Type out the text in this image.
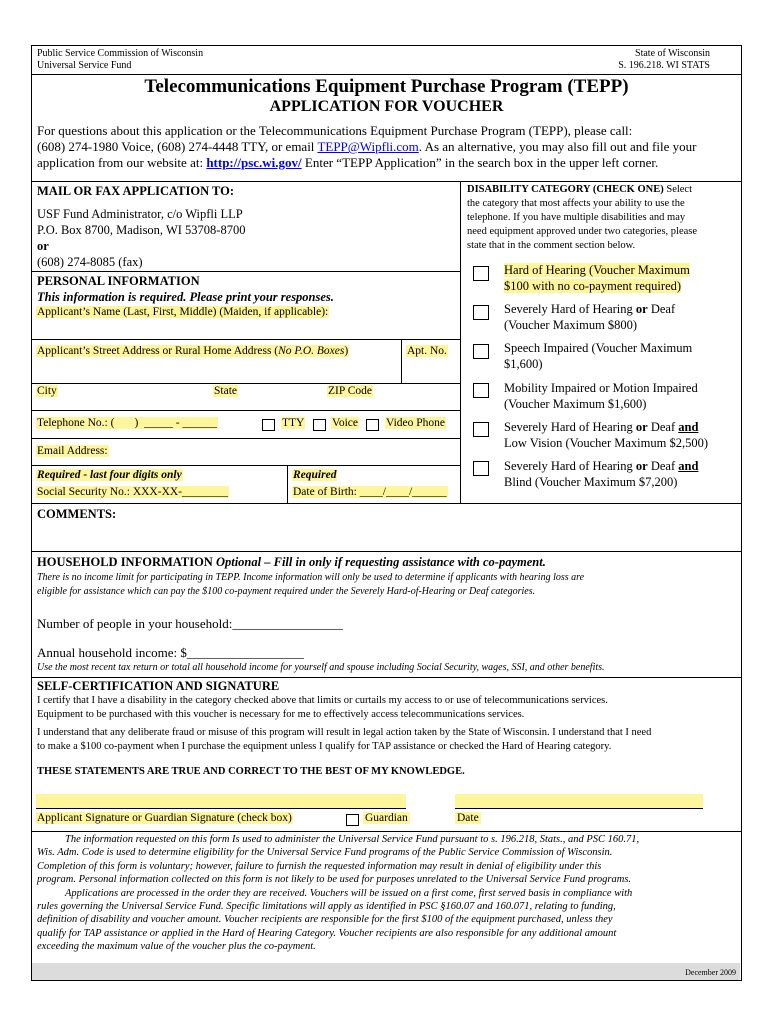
Public Service Commission of Wisconsin
Universal Service Fund
State of Wisconsin
S. 196.218. WI STATS
Telecommunications Equipment Purchase Program (TEPP)
APPLICATION FOR VOUCHER
For questions about this application or the Telecommunications Equipment Purchase Program (TEPP), please call:
(608) 274-1980 Voice, (608) 274-4448 TTY, or email TEPP@Wipfli.com. As an alternative, you may also fill out and file your
application from our website at: http://psc.wi.gov/ Enter “TEPP Application” in the search box in the upper left corner.
MAIL OR FAX APPLICATION TO:
USF Fund Administrator, c/o Wipfli LLP
P.O. Box 8700, Madison, WI 53708-8700
or
(608) 274-8085 (fax)
PERSONAL INFORMATION
This information is required. Please print your responses.
Applicant’s Name (Last, First, Middle) (Maiden, if applicable):
Applicant’s Street Address or Rural Home Address (No P.O. Boxes)	Apt. No.
City	State	ZIP Code
Telephone No.: (       )  _____ - ______	TTY Voice Video Phone
Email Address:
Required - last four digits only
Social Security No.: XXX-XX-________
Required
Date of Birth: ____/____/______
DISABILITY CATEGORY (CHECK ONE) Select
the category that most affects your ability to use the
telephone. If you have multiple disabilities and may
need equipment approved under two categories, please
state that in the comment section below.
Hard of Hearing (Voucher Maximum
$100 with no co-payment required)
Severely Hard of Hearing or Deaf
(Voucher Maximum $800)
Speech Impaired (Voucher Maximum
$1,600)
Mobility Impaired or Motion Impaired
(Voucher Maximum $1,600)
Severely Hard of Hearing or Deaf and
Low Vision (Voucher Maximum $2,500)
Severely Hard of Hearing or Deaf and
Blind (Voucher Maximum $7,200)
COMMENTS:
HOUSEHOLD INFORMATION Optional – Fill in only if requesting assistance with co-payment.
There is no income limit for participating in TEPP. Income information will only be used to determine if applicants with hearing loss are
eligible for assistance which can pay the $100 co-payment required under the Severely Hard-of-Hearing or Deaf categories.
Number of people in your household:_________________
Annual household income: $__________________
Use the most recent tax return or total all household income for yourself and spouse including Social Security, wages, SSI, and other benefits.
SELF-CERTIFICATION AND SIGNATURE
I certify that I have a disability in the category checked above that limits or curtails my access to or use of telecommunications services.
Equipment to be purchased with this voucher is necessary for me to effectively access telecommunications services.
I understand that any deliberate fraud or misuse of this program will result in legal action taken by the State of Wisconsin. I understand that I need
to make a $100 co-payment when I purchase the equipment unless I qualify for TAP assistance or checked the Hard of Hearing category.
THESE STATEMENTS ARE TRUE AND CORRECT TO THE BEST OF MY KNOWLEDGE.
Applicant Signature or Guardian Signature (check box)	Guardian	Date
The information requested on this form Is used to administer the Universal Service Fund pursuant to s. 196.218, Stats., and PSC 160.71,
Wis. Adm. Code is used to determine eligibility for the Universal Service Fund programs of the Public Service Commission of Wisconsin.
Completion of this form is voluntary; however, failure to furnish the requested information may result in denial of eligibility under this
program. Personal information collected on this form is not likely to be used for purposes unrelated to the Universal Service Fund programs.
Applications are processed in the order they are received. Vouchers will be issued on a first come, first served basis in compliance with
rules governing the Universal Service Fund. Specific limitations will apply as identified in PSC §160.07 and 160.071, relating to funding,
definition of disability and voucher amount. Voucher recipients are responsible for the first $100 of the equipment purchased, unless they
qualify for TAP assistance or applied in the Hard of Hearing Category. Voucher recipients are also responsible for any additional amount
exceeding the maximum value of the voucher plus the co-payment.
December 2009
